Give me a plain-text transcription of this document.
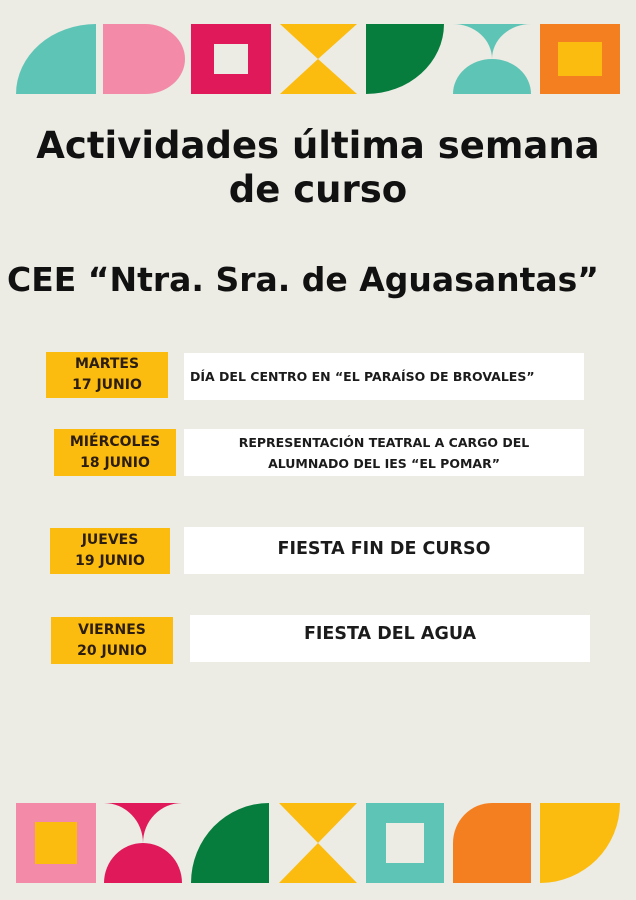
Actividades última semana
de curso
CEE “Ntra. Sra. de Aguasantas”
MARTES
17 JUNIO
DÍA DEL CENTRO EN “EL PARAÍSO DE BROVALES”
MIÉRCOLES
18 JUNIO
REPRESENTACIÓN TEATRAL A CARGO DEL
ALUMNADO DEL IES “EL POMAR”
JUEVES
19 JUNIO
FIESTA FIN DE CURSO
VIERNES
20 JUNIO
FIESTA DEL AGUA
